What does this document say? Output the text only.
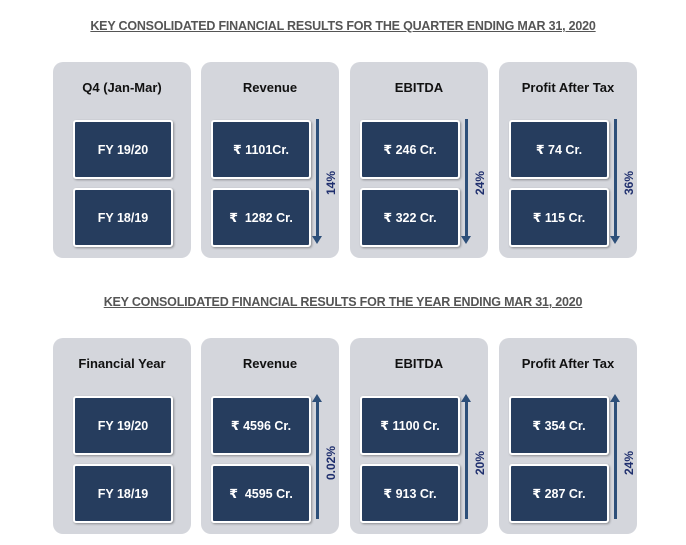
KEY CONSOLIDATED FINANCIAL RESULTS FOR THE QUARTER ENDING MAR 31, 2020
Q4 (Jan-Mar)
FY 19/20
FY 18/19
Revenue
₹ 1101Cr.
₹  1282 Cr.
14%
EBITDA
₹ 246 Cr.
₹ 322 Cr.
24%
Profit After Tax
₹ 74 Cr.
₹ 115 Cr.
36%
KEY CONSOLIDATED FINANCIAL RESULTS FOR THE YEAR ENDING MAR 31, 2020
Financial Year
FY 19/20
FY 18/19
Revenue
₹ 4596 Cr.
₹  4595 Cr.
0.02%
EBITDA
₹ 1100 Cr.
₹ 913 Cr.
20%
Profit After Tax
₹ 354 Cr.
₹ 287 Cr.
24%
